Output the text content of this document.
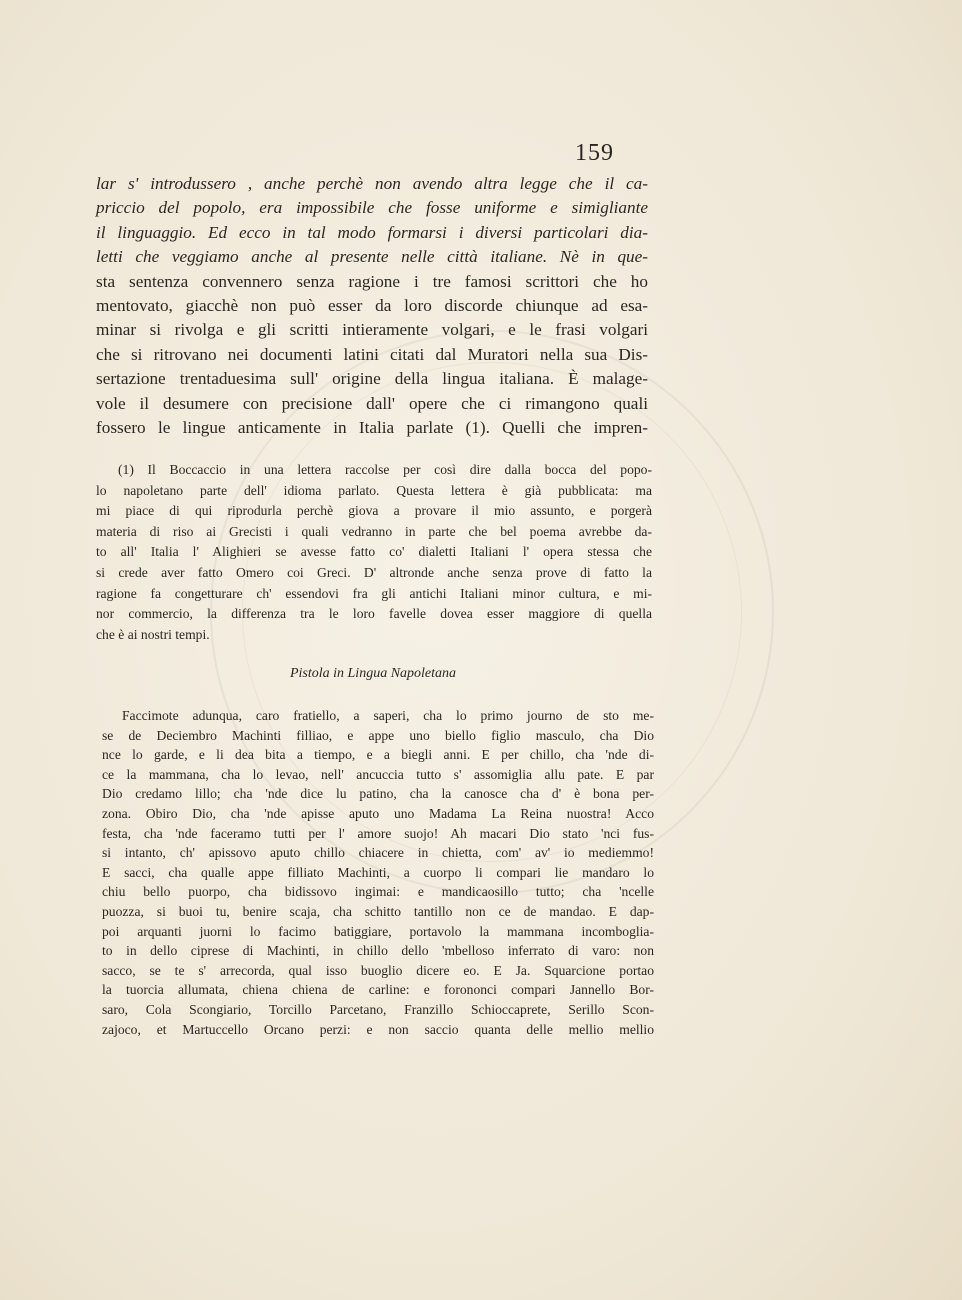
159
lar s' introdussero , anche perchè non avendo altra legge che il ca-
priccio del popolo, era impossibile che fosse uniforme e simigliante
il linguaggio. Ed ecco in tal modo formarsi i diversi particolari dia-
letti che veggiamo anche al presente nelle città italiane. Nè in que-
sta sentenza convennero senza ragione i tre famosi scrittori che ho
mentovato, giacchè non può esser da loro discorde chiunque ad esa-
minar si rivolga e gli scritti intieramente volgari, e le frasi volgari
che si ritrovano nei documenti latini citati dal Muratori nella sua Dis-
sertazione trentaduesima sull' origine della lingua italiana. È malage-
vole il desumere con precisione dall' opere che ci rimangono quali
fossero le lingue anticamente in Italia parlate (1). Quelli che impren-
(1) Il Boccaccio in una lettera raccolse per così dire dalla bocca del popo-
lo napoletano parte dell' idioma parlato. Questa lettera è già pubblicata: ma
mi piace di qui riprodurla perchè giova a provare il mio assunto, e porgerà
materia di riso ai Grecisti i quali vedranno in parte che bel poema avrebbe da-
to all' Italia l' Alighieri se avesse fatto co' dialetti Italiani l' opera stessa che
si crede aver fatto Omero coi Greci. D' altronde anche senza prove di fatto la
ragione fa congetturare ch' essendovi fra gli antichi Italiani minor cultura, e mi-
nor commercio, la differenza tra le loro favelle dovea esser maggiore di quella
che è ai nostri tempi.
Pistola in Lingua Napoletana
Faccimote adunqua, caro fratiello, a saperi, cha lo primo journo de sto me-
se de Deciembro Machinti filliao, e appe uno biello figlio masculo, cha Dio
nce lo garde, e li dea bita a tiempo, e a biegli anni. E per chillo, cha 'nde di-
ce la mammana, cha lo levao, nell' ancuccia tutto s' assomiglia allu pate. E par
Dio credamo lillo; cha 'nde dice lu patino, cha la canosce cha d' è bona per-
zona. Obiro Dio, cha 'nde apisse aputo uno Madama La Reina nuostra! Acco
festa, cha 'nde faceramo tutti per l' amore suojo! Ah macari Dio stato 'nci fus-
si intanto, ch' apissovo aputo chillo chiacere in chietta, com' av' io mediemmo!
E sacci, cha qualle appe filliato Machinti, a cuorpo li compari lie mandaro lo
chiu bello puorpo, cha bidissovo ingimai: e mandicaosillo tutto; cha 'ncelle
puozza, si buoi tu, benire scaja, cha schitto tantillo non ce de mandao. E dap-
poi arquanti juorni lo facimo batiggiare, portavolo la mammana incomboglia-
to in dello ciprese di Machinti, in chillo dello 'mbelloso inferrato di varo: non
sacco, se te s' arrecorda, qual isso buoglio dicere eo. E Ja. Squarcione portao
la tuorcia allumata, chiena chiena de carline: e forononci compari Jannello Bor-
saro, Cola Scongiario, Torcillo Parcetano, Franzillo Schioccaprete, Serillo Scon-
zajoco, et Martuccello Orcano perzi: e non saccio quanta delle mellio mellio
